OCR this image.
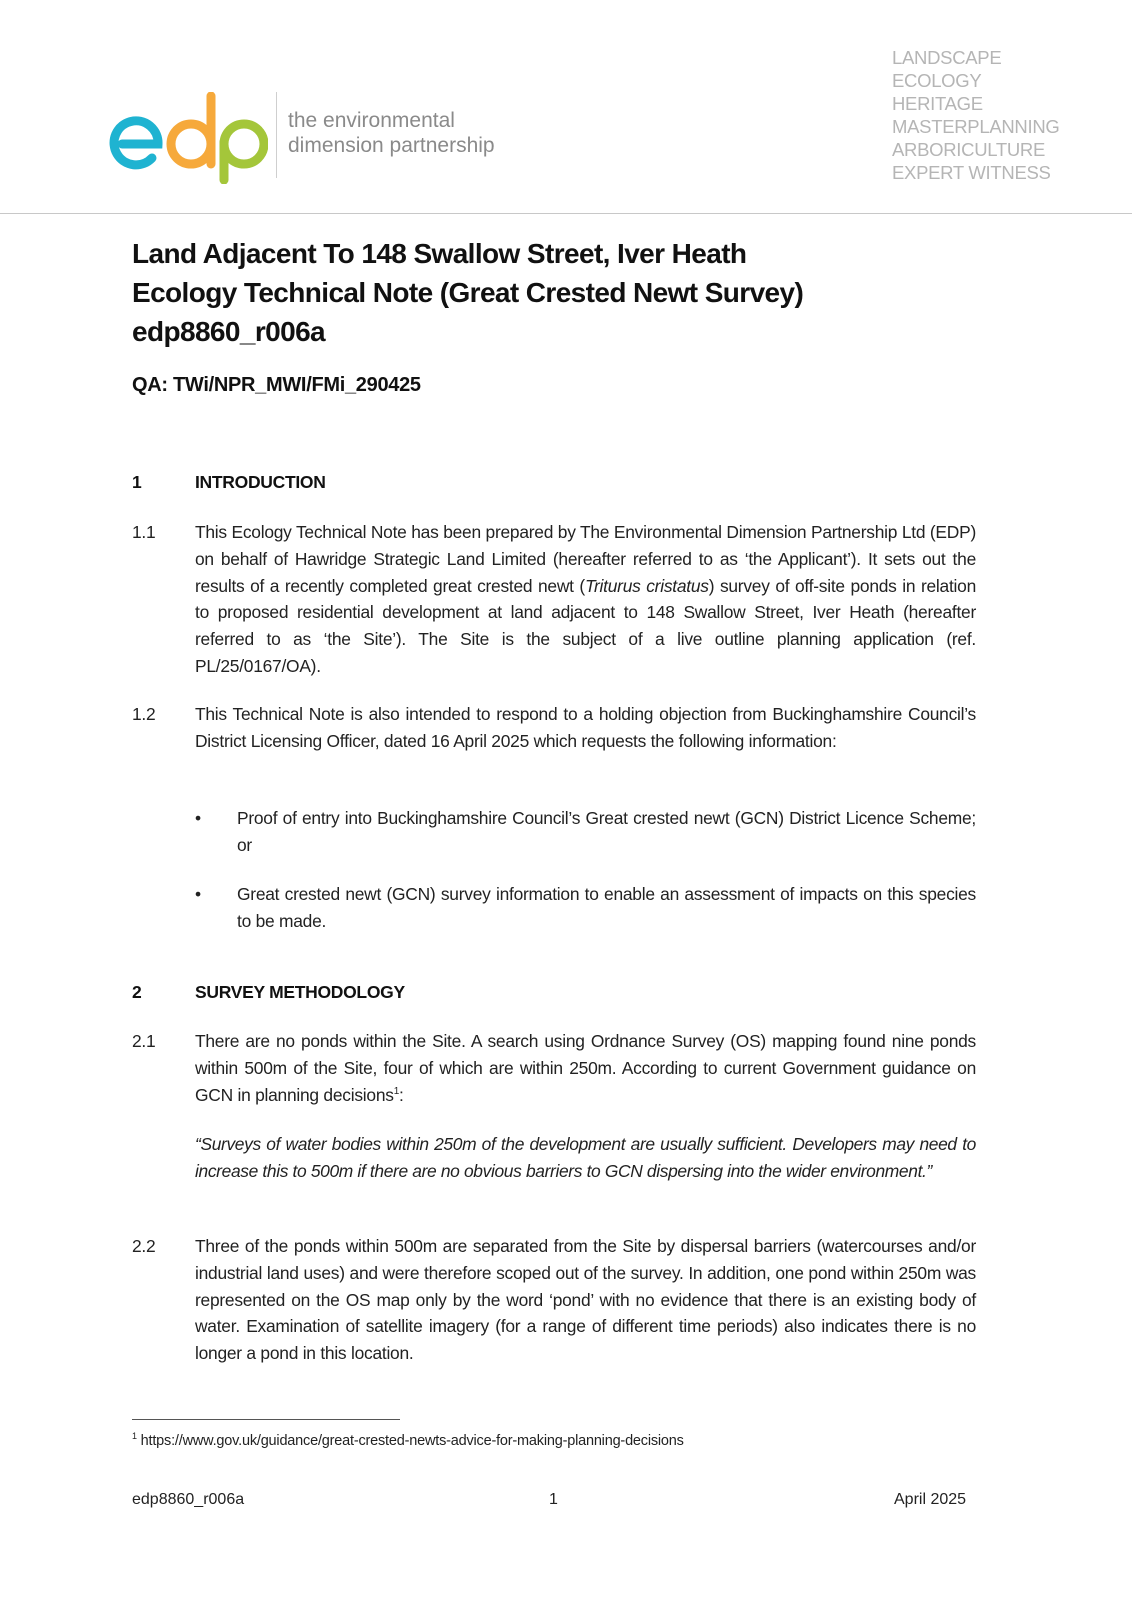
the environmental
dimension partnership
LANDSCAPE
ECOLOGY
HERITAGE
MASTERPLANNING
ARBORICULTURE
EXPERT WITNESS
Land Adjacent To 148 Swallow Street, Iver Heath
Ecology Technical Note (Great Crested Newt Survey)
edp8860_r006a
QA: TWi/NPR_MWI/FMi_290425
1	INTRODUCTION
1.1 This Ecology Technical Note has been prepared by The Environmental Dimension Partnership Ltd (EDP) on behalf of Hawridge Strategic Land Limited (hereafter referred to as ‘the Applicant’). It sets out the results of a recently completed great crested newt (Triturus cristatus) survey of off-site ponds in relation to proposed residential development at land adjacent to 148 Swallow Street, Iver Heath (hereafter referred to as ‘the Site’). The Site is the subject of a live outline planning application (ref. PL/25/0167/OA).
1.2 This Technical Note is also intended to respond to a holding objection from Buckinghamshire Council’s District Licensing Officer, dated 16 April 2025 which requests the following information:
• Proof of entry into Buckinghamshire Council’s Great crested newt (GCN) District Licence Scheme; or
• Great crested newt (GCN) survey information to enable an assessment of impacts on this species to be made.
2	SURVEY METHODOLOGY
2.1 There are no ponds within the Site. A search using Ordnance Survey (OS) mapping found nine ponds within 500m of the Site, four of which are within 250m. According to current Government guidance on GCN in planning decisions$^1$:
“Surveys of water bodies within 250m of the development are usually sufficient. Developers may need to increase this to 500m if there are no obvious barriers to GCN dispersing into the wider environment.”
2.2 Three of the ponds within 500m are separated from the Site by dispersal barriers (watercourses and/or industrial land uses) and were therefore scoped out of the survey. In addition, one pond within 250m was represented on the OS map only by the word ‘pond’ with no evidence that there is an existing body of water. Examination of satellite imagery (for a range of different time periods) also indicates there is no longer a pond in this location.
$^1$ https://www.gov.uk/guidance/great-crested-newts-advice-for-making-planning-decisions
edp8860_r006a	1	April 2025
